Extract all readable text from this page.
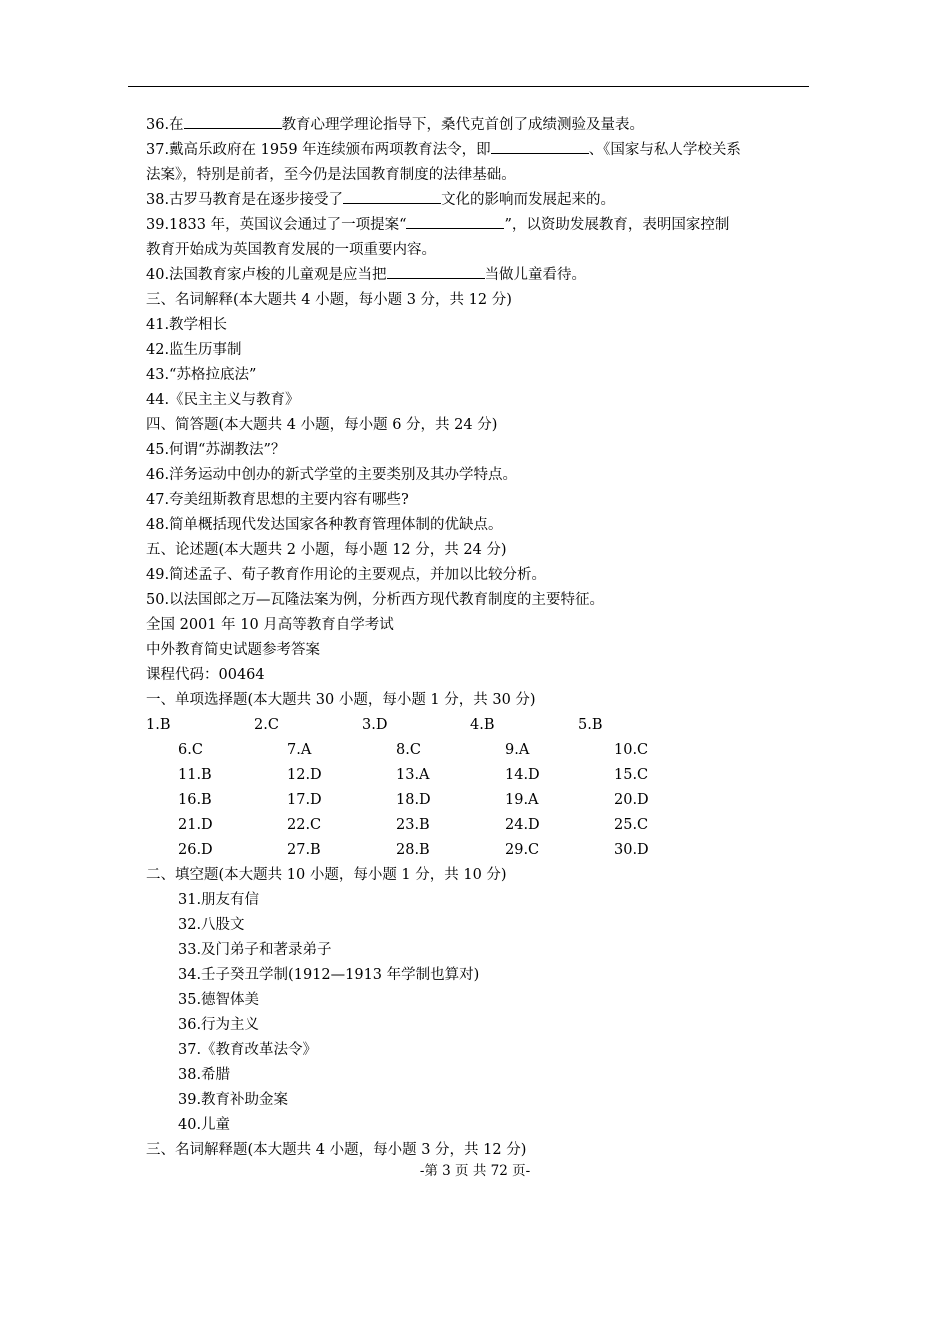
36.在	教育心理学理论指导下，桑代克首创了成绩测验及量表。
37.戴高乐政府在 1959 年连续颁布两项教育法令，即	、《国家与私人学校关系
法案》，特别是前者，至今仍是法国教育制度的法律基础。
38.古罗马教育是在逐步接受了	文化的影响而发展起来的。
39.1833 年，英国议会通过了一项提案“	”，以资助发展教育，表明国家控制
教育开始成为英国教育发展的一项重要内容。
40.法国教育家卢梭的儿童观是应当把	当做儿童看待。
三、名词解释(本大题共 4 小题，每小题 3 分，共 12 分)
41.教学相长
42.监生历事制
43.“苏格拉底法”
44.《民主主义与教育》
四、简答题(本大题共 4 小题，每小题 6 分，共 24 分)
45.何谓“苏湖教法”？
46.洋务运动中创办的新式学堂的主要类别及其办学特点。
47.夸美纽斯教育思想的主要内容有哪些?
48.简单概括现代发达国家各种教育管理体制的优缺点。
五、论述题(本大题共 2 小题，每小题 12 分，共 24 分)
49.简述孟子、荀子教育作用论的主要观点，并加以比较分析。
50.以法国郎之万—瓦隆法案为例，分析西方现代教育制度的主要特征。
全国 2001 年 10 月高等教育自学考试
中外教育简史试题参考答案
课程代码：00464
一、单项选择题(本大题共 30 小题，每小题 1 分，共 30 分)
1.B	2.C	3.D	4.B	5.B
6.C	7.A	8.C	9.A	10.C
11.B	12.D	13.A	14.D	15.C
16.B	17.D	18.D	19.A	20.D
21.D	22.C	23.B	24.D	25.C
26.D	27.B	28.B	29.C	30.D
二、填空题(本大题共 10 小题，每小题 1 分，共 10 分)
31.朋友有信
32.八股文
33.及门弟子和著录弟子
34.壬子癸丑学制(1912—1913 年学制也算对)
35.德智体美
36.行为主义
37.《教育改革法令》
38.希腊
39.教育补助金案
40.儿童
三、名词解释题(本大题共 4 小题，每小题 3 分，共 12 分)
-第 3 页 共 72 页-
